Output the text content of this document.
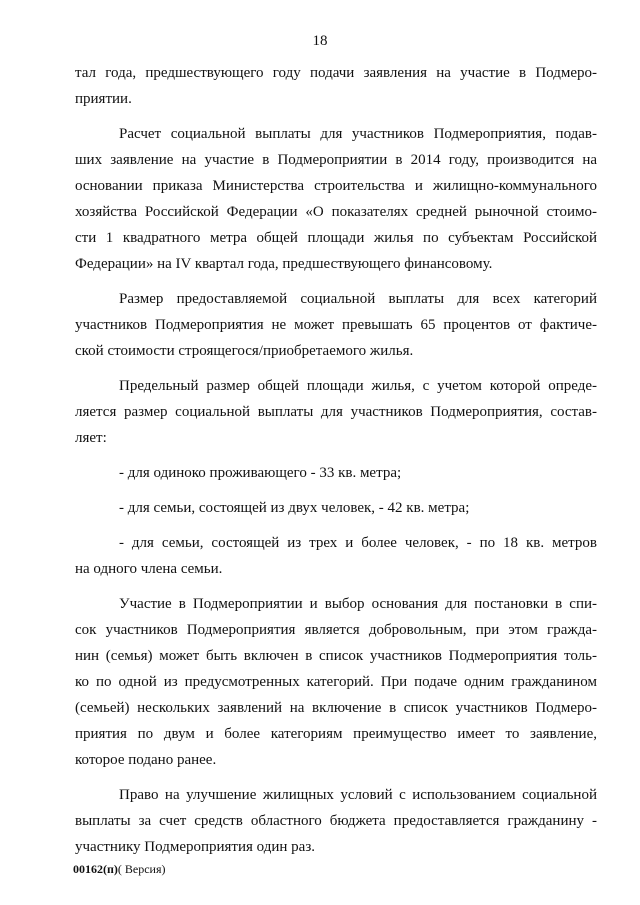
18
тал года, предшествующего году подачи заявления на участие в Подмеро-
приятии.
Расчет социальной выплаты для участников Подмероприятия, подав-
ших заявление на участие в Подмероприятии в 2014 году, производится на
основании приказа Министерства строительства и жилищно-коммунального
хозяйства Российской Федерации «О показателях средней рыночной стоимо-
сти 1 квадратного метра общей площади жилья по субъектам Российской
Федерации» на IV квартал года, предшествующего финансовому.
Размер предоставляемой социальной выплаты для всех категорий
участников Подмероприятия не может превышать 65 процентов от фактиче-
ской стоимости строящегося/приобретаемого жилья.
Предельный размер общей площади жилья, с учетом которой опреде-
ляется размер социальной выплаты для участников Подмероприятия, состав-
ляет:
- для одиноко проживающего - 33 кв. метра;
- для семьи, состоящей из двух человек, - 42 кв. метра;
- для семьи, состоящей из трех и более человек, - по 18 кв. метров
на одного члена семьи.
Участие в Подмероприятии и выбор основания для постановки в спи-
сок участников Подмероприятия является добровольным, при этом гражда-
нин (семья) может быть включен в список участников Подмероприятия толь-
ко по одной из предусмотренных категорий. При подаче одним гражданином
(семьей) нескольких заявлений на включение в список участников Подмеро-
приятия по двум и более категориям преимущество имеет то заявление,
которое подано ранее.
Право на улучшение жилищных условий с использованием социальной
выплаты за счет средств областного бюджета предоставляется гражданину -
участнику Подмероприятия один раз.
00162(п)( Версия)
